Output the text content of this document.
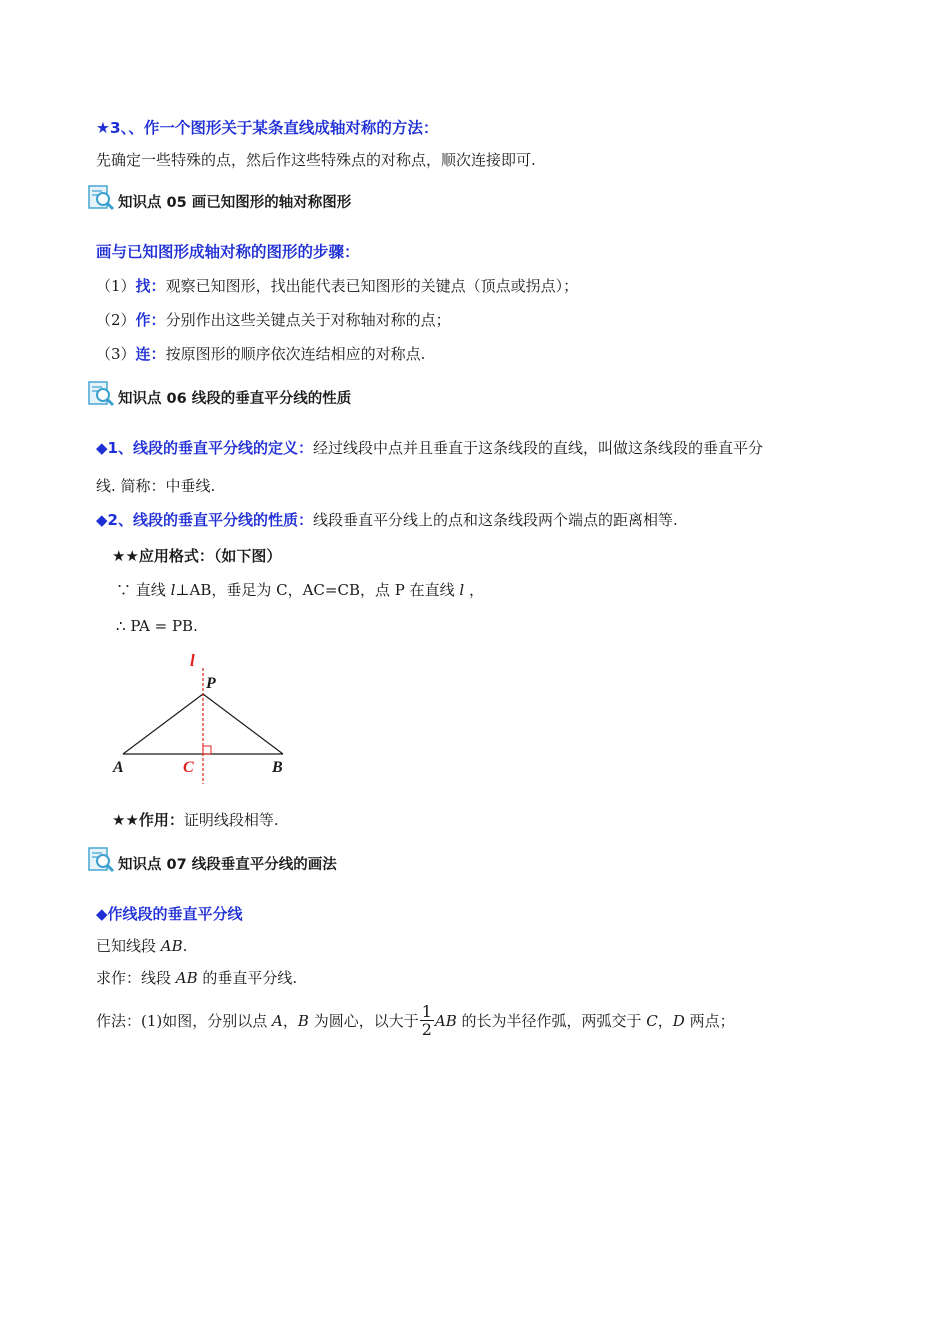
★3、、作一个图形关于某条直线成轴对称的方法：
先确定一些特殊的点，然后作这些特殊点的对称点，顺次连接即可.
知识点 05 画已知图形的轴对称图形
画与已知图形成轴对称的图形的步骤：
（1）找：观察已知图形，找出能代表已知图形的关键点（顶点或拐点）；
（2）作：分别作出这些关键点关于对称轴对称的点；
（3）连：按原图形的顺序依次连结相应的对称点.
知识点 06 线段的垂直平分线的性质
◆1、线段的垂直平分线的定义：经过线段中点并且垂直于这条线段的直线，叫做这条线段的垂直平分
线. 简称：中垂线.
◆2、线段的垂直平分线的性质：线段垂直平分线上的点和这条线段两个端点的距离相等.
★★应用格式：（如下图）
∵ 直线 l⊥AB，垂足为 C，AC=CB，点 P 在直线 l ，
∴ PA = PB.
l
P
A	C	B
★★作用：证明线段相等.
知识点 07 线段垂直平分线的画法
◆作线段的垂直平分线
已知线段 AB.
求作：线段 AB 的垂直平分线.
作法：(1)如图，分别以点 A，B 为圆心，以大于 $\frac{1}{2}$ AB 的长为半径作弧，两弧交于 C，D 两点；
